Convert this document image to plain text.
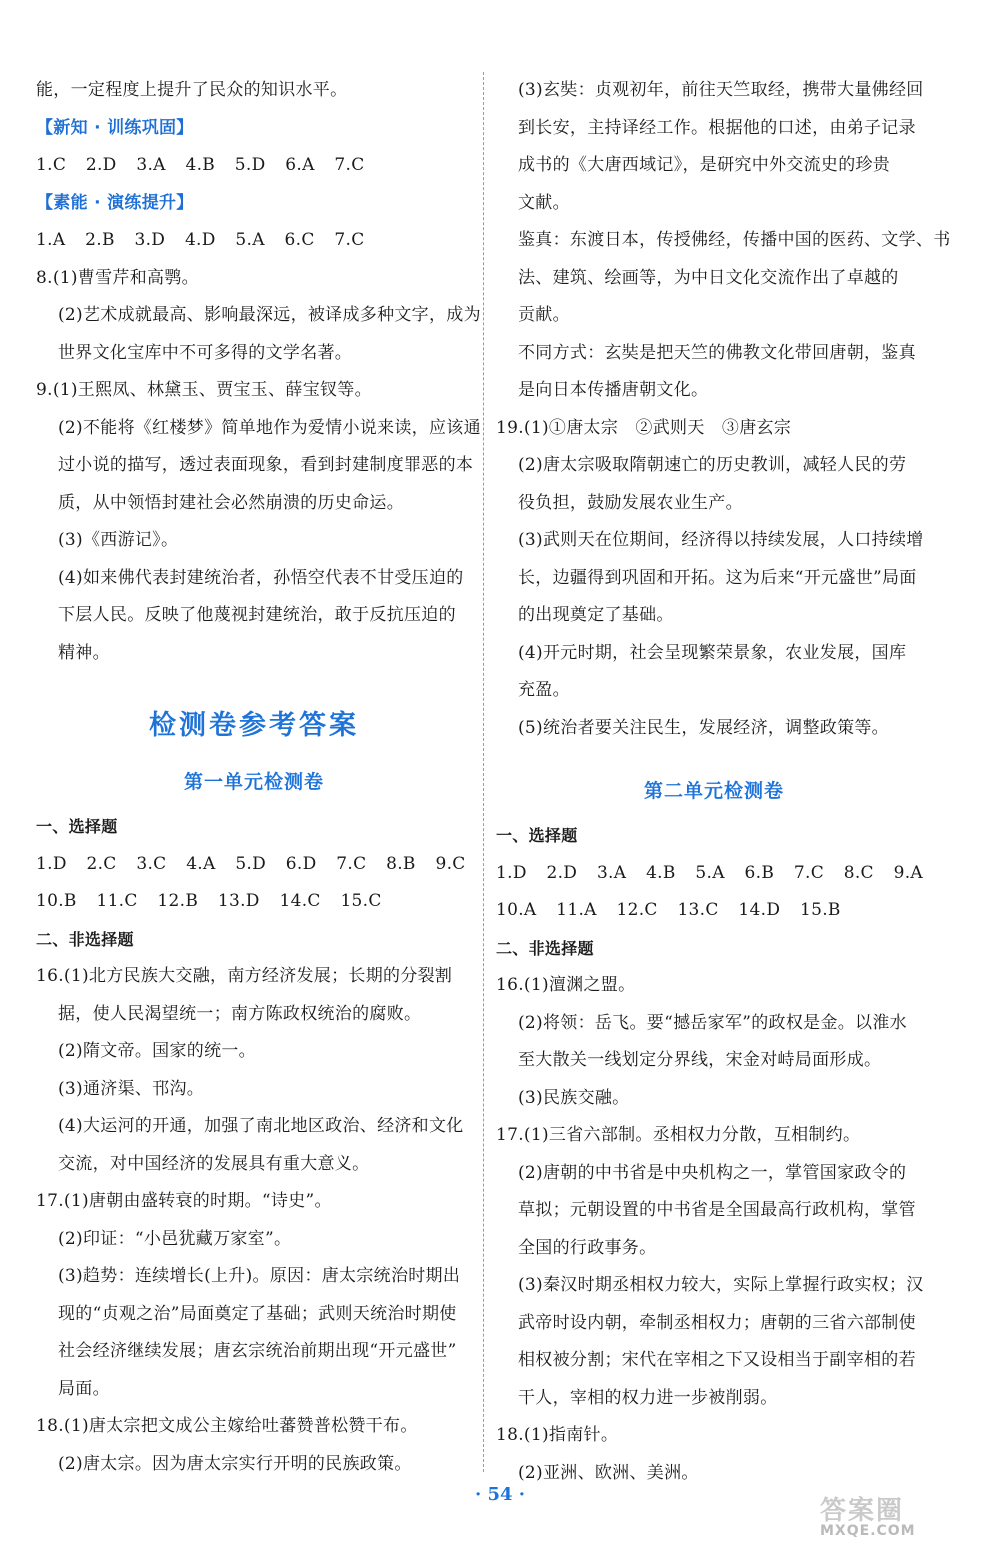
能，一定程度上提升了民众的知识水平。
【新知 · 训练巩固】
1.C 2.D 3.A 4.B 5.D 6.A 7.C
【素能 · 演练提升】
1.A 2.B 3.D 4.D 5.A 6.C 7.C
8.(1)曹雪芹和高鹗。
(2)艺术成就最高、影响最深远，被译成多种文字，成为
世界文化宝库中不可多得的文学名著。
9.(1)王熙凤、林黛玉、贾宝玉、薛宝钗等。
(2)不能将《红楼梦》简单地作为爱情小说来读，应该通
过小说的描写，透过表面现象，看到封建制度罪恶的本
质，从中领悟封建社会必然崩溃的历史命运。
(3)《西游记》。
(4)如来佛代表封建统治者，孙悟空代表不甘受压迫的
下层人民。反映了他蔑视封建统治，敢于反抗压迫的
精神。
检测卷参考答案
第一单元检测卷
一、选择题
1.D 2.C 3.C 4.A 5.D 6.D 7.C 8.B 9.C
10.B 11.C 12.B 13.D 14.C 15.C
二、非选择题
16.(1)北方民族大交融，南方经济发展；长期的分裂割
据，使人民渴望统一；南方陈政权统治的腐败。
(2)隋文帝。国家的统一。
(3)通济渠、邗沟。
(4)大运河的开通，加强了南北地区政治、经济和文化
交流，对中国经济的发展具有重大意义。
17.(1)唐朝由盛转衰的时期。“诗史”。
(2)印证：“小邑犹藏万家室”。
(3)趋势：连续增长(上升)。原因：唐太宗统治时期出
现的“贞观之治”局面奠定了基础；武则天统治时期使
社会经济继续发展；唐玄宗统治前期出现“开元盛世”
局面。
18.(1)唐太宗把文成公主嫁给吐蕃赞普松赞干布。
(2)唐太宗。因为唐太宗实行开明的民族政策。
(3)玄奘：贞观初年，前往天竺取经，携带大量佛经回
到长安，主持译经工作。根据他的口述，由弟子记录
成书的《大唐西域记》，是研究中外交流史的珍贵
文献。
鉴真：东渡日本，传授佛经，传播中国的医药、文学、书
法、建筑、绘画等，为中日文化交流作出了卓越的
贡献。
不同方式：玄奘是把天竺的佛教文化带回唐朝，鉴真
是向日本传播唐朝文化。
19.(1)①唐太宗　②武则天　③唐玄宗
(2)唐太宗吸取隋朝速亡的历史教训，减轻人民的劳
役负担，鼓励发展农业生产。
(3)武则天在位期间，经济得以持续发展，人口持续增
长，边疆得到巩固和开拓。这为后来“开元盛世”局面
的出现奠定了基础。
(4)开元时期，社会呈现繁荣景象，农业发展，国库
充盈。
(5)统治者要关注民生，发展经济，调整政策等。
第二单元检测卷
一、选择题
1.D 2.D 3.A 4.B 5.A 6.B 7.C 8.C 9.A
10.A 11.A 12.C 13.C 14.D 15.B
二、非选择题
16.(1)澶渊之盟。
(2)将领：岳飞。要“撼岳家军”的政权是金。以淮水
至大散关一线划定分界线，宋金对峙局面形成。
(3)民族交融。
17.(1)三省六部制。丞相权力分散，互相制约。
(2)唐朝的中书省是中央机构之一，掌管国家政令的
草拟；元朝设置的中书省是全国最高行政机构，掌管
全国的行政事务。
(3)秦汉时期丞相权力较大，实际上掌握行政实权；汉
武帝时设内朝，牵制丞相权力；唐朝的三省六部制使
相权被分割；宋代在宰相之下又设相当于副宰相的若
干人，宰相的权力进一步被削弱。
18.(1)指南针。
(2)亚洲、欧洲、美洲。
· 54 ·
答案圈
MXQE.COM
